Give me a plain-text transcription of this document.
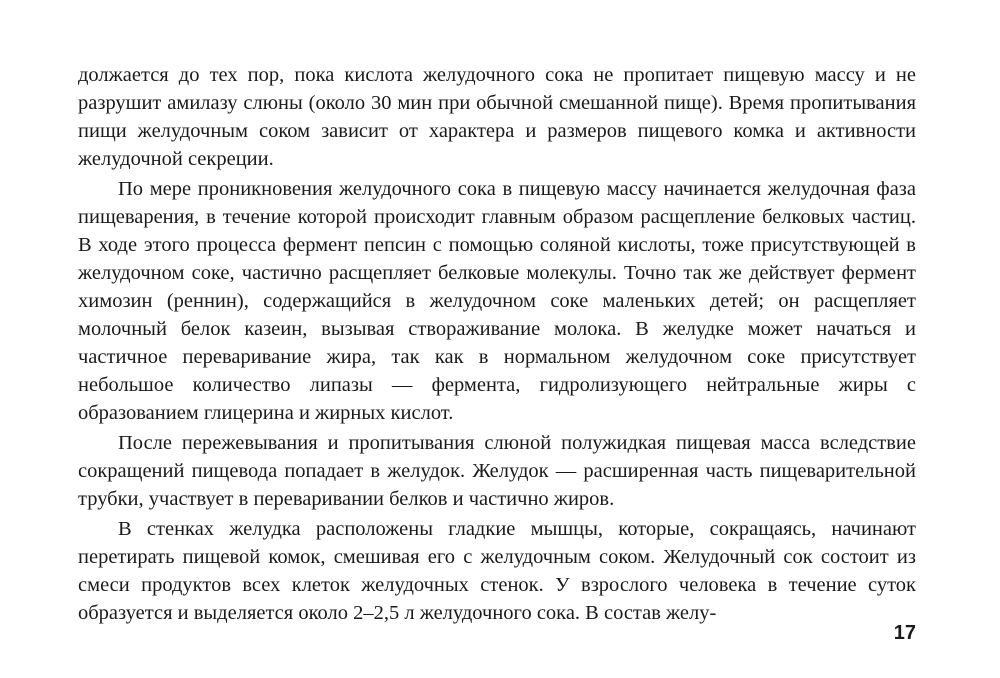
должается до тех пор, пока кислота желудочного сока не пропитает пищевую массу и не разрушит амилазу слюны (около 30 мин при обычной смешанной пище). Время пропитывания пищи желудочным соком зависит от характера и размеров пищевого комка и активности желудочной секреции.

По мере проникновения желудочного сока в пищевую массу начинается желудочная фаза пищеварения, в течение которой происходит главным образом расщепление белковых частиц. В ходе этого процесса фермент пепсин с помощью соляной кислоты, тоже присутствующей в желудочном соке, частично расщепляет белковые молекулы. Точно так же действует фермент химозин (реннин), содержащийся в желудочном соке маленьких детей; он расщепляет молочный белок казеин, вызывая створаживание молока. В желудке может начаться и частичное переваривание жира, так как в нормальном желудочном соке присутствует небольшое количество липазы — фермента, гидролизующего нейтральные жиры с образованием глицерина и жирных кислот.

После пережевывания и пропитывания слюной полужидкая пищевая масса вследствие сокращений пищевода попадает в желудок. Желудок — расширенная часть пищеварительной трубки, участвует в переваривании белков и частично жиров.

В стенках желудка расположены гладкие мышцы, которые, сокращаясь, начинают перетирать пищевой комок, смешивая его с желудочным соком. Желудочный сок состоит из смеси продуктов всех клеток желудочных стенок. У взрослого человека в течение суток образуется и выделяется около 2–2,5 л желудочного сока. В состав желу-

17
